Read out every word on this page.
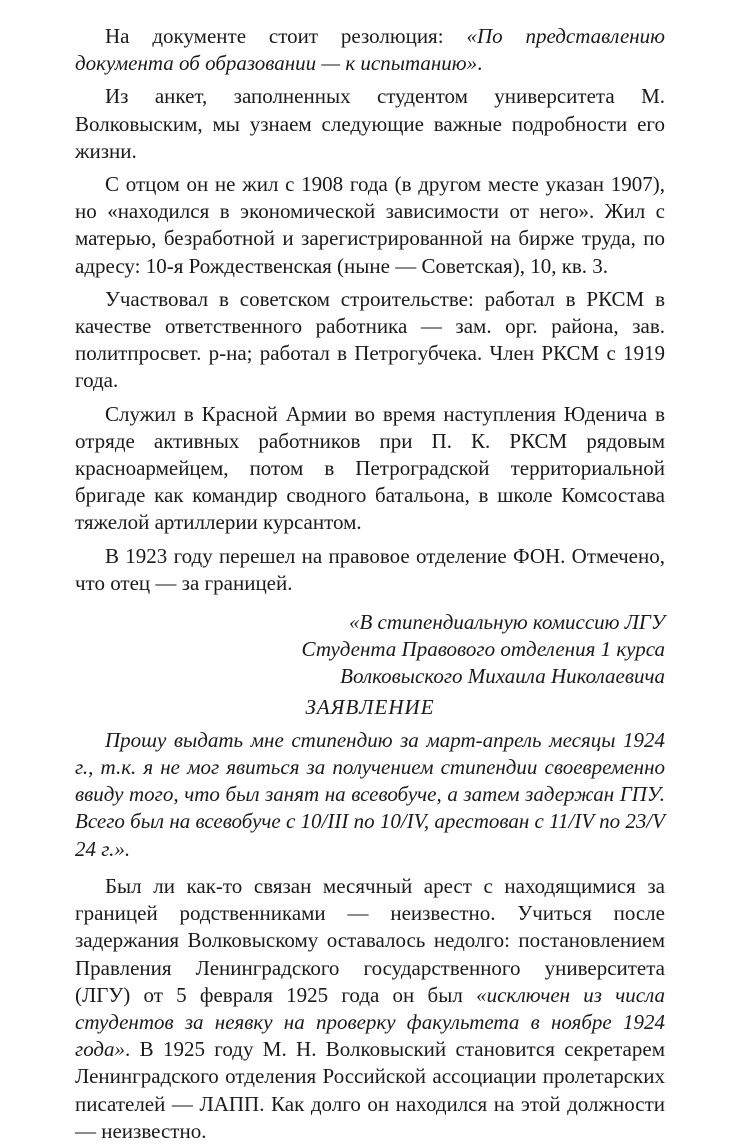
На документе стоит резолюция: «По представлению документа об образовании — к испытанию».

Из анкет, заполненных студентом университета М. Волковыским, мы узнаем следующие важные подробности его жизни.

С отцом он не жил с 1908 года (в другом месте указан 1907), но «находился в экономической зависимости от него». Жил с матерью, безработной и зарегистрированной на бирже труда, по адресу: 10-я Рождественская (ныне — Советская), 10, кв. 3.

Участвовал в советском строительстве: работал в РКСМ в качестве ответственного работника — зам. орг. района, зав. политпросвет. р-на; работал в Петрогубчека. Член РКСМ с 1919 года.

Служил в Красной Армии во время наступления Юденича в отряде активных работников при П. К. РКСМ рядовым красноармейцем, потом в Петроградской территориальной бригаде как командир сводного батальона, в школе Комсостава тяжелой артиллерии курсантом.

В 1923 году перешел на правовое отделение ФОН. Отмечено, что отец — за границей.

«В стипендиальную комиссию ЛГУ

Студента Правового отделения 1 курса

Волковыского Михаила Николаевича

ЗАЯВЛЕНИЕ

Прошу выдать мне стипендию за март-апрель месяцы 1924 г., т.к. я не мог явиться за получением стипендии своевременно ввиду того, что был занят на всевобуче, а затем задержан ГПУ. Всего был на всевобуче с 10/III по 10/IV, арестован с 11/IV по 23/V 24 г.».

Был ли как-то связан месячный арест с находящимися за границей родственниками — неизвестно. Учиться после задержания Волковыскому оставалось недолго: постановлением Правления Ленинградского государственного университета (ЛГУ) от 5 февраля 1925 года он был «исключен из числа студентов за неявку на проверку факультета в ноябре 1924 года». В 1925 году М. Н. Волковыский становится секретарем Ленинградского отделения Российской ассоциации пролетарских писателей — ЛАПП. Как долго он находился на этой должности — неизвестно.
